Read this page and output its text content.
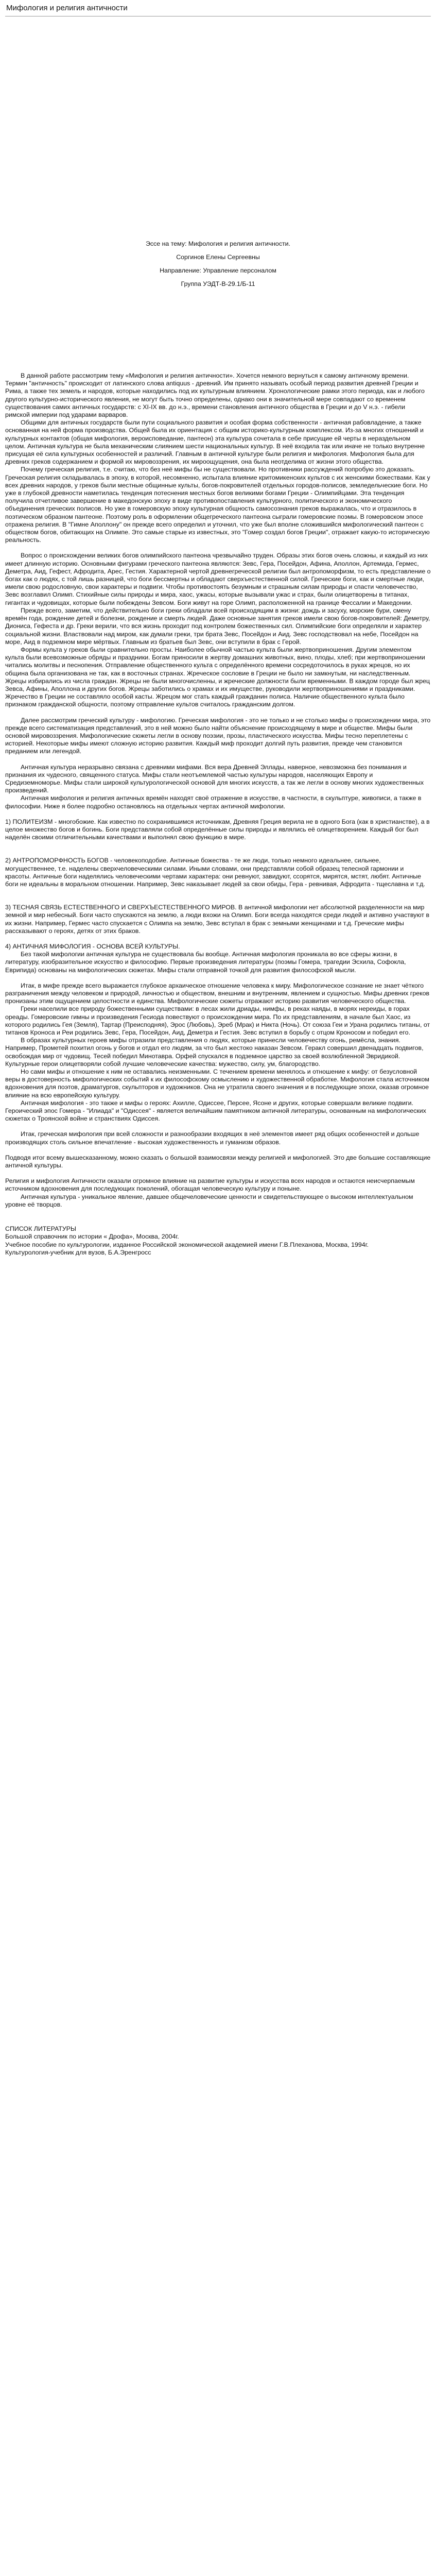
Мифология и религия античности

Эссе на тему: Мифология и религия античности.

Соргинов Елены Сергеевны

Направление: Управление персоналом

Группа УЭДТ-В-29.1/Б-11

В данной работе рассмотрим тему «Мифология и религия античности». Хочется немного вернуться к самому античному времени. Термин "античность" происходит от латинского слова antiquus - древний. Им принято называть особый период развития древней Греции и Рима, а также тех земель и народов, которые находились под их культурным влиянием. Хронологические рамки этого периода, как и любого другого культурно-исторического явления, не могут быть точно определены, однако они в значительной мере совпадают со временем существования самих античных государств: с XI-IX вв. до н.э., времени становления античного общества в Греции и до V н.э. - гибели римской империи под ударами варваров.

Общими для античных государств были пути социального развития и особая форма собственности - античная рабовладение, а также основанная на ней форма производства. Общей была их ориентация с общим историко-культурным комплексом. Из-за многих отношений и культурных контактов (общая мифология, вероисповедание, пантеон) эта культура сочетала в себе присущие ей черты в нераздельном целом. Античная культура не была механическим слиянием шести национальных культур. В неё входила так или иначе не только внутренне присущая её сила культурных особенностей и различий. Главным в античной культуре были религия и мифология. Мифология была для древних греков содержанием и формой их мировоззрения, их мироощущения, она была неотделима от жизни этого общества.

Почему греческая религия, т.е. считаю, что без неё мифы бы не существовали. Но противники рассуждений попробую это доказать. Греческая религия складывалась в эпоху, в которой, несомненно, испытала влияние критомикенских культов с их женскими божествами. Как у всех древних народов, у греков были местные общинные культы, богов-покровителей отдельных городов-полисов, земледельческие боги. Но уже в глубокой древности наметилась тенденция потеснения местных богов великими богами Греции - Олимпийцами. Эта тенденция получила отчетливое завершение в македонскую эпоху в виде противопоставления культурного, политического и экономического объединения греческих полисов. Но уже в гомеровскую эпоху культурная общность самосознания греков выражалась, что и отразилось в поэтическом образном пантеоне. Поэтому роль в оформлении общегреческого пантеона сыграли гомеровские поэмы. В гомеровском эпосе отражена религия. В "Гимне Аполлону" он прежде всего определил и уточнил, что уже был вполне сложившийся мифологический пантеон с обществом богов, обитающих на Олимпе. Это самые старые из известных, это "Гомер создал богов Греции", отражает какую-то историческую реальность.

Вопрос о происхождении великих богов олимпийского пантеона чрезвычайно труден. Образы этих богов очень сложны, и каждый из них имеет длинную историю. Основными фигурами греческого пантеона являются: Зевс, Гера, Посейдон, Афина, Аполлон, Артемида, Гермес, Деметра, Аид, Гефест, Афродита, Арес, Гестия. Характерной чертой древнегреческой религии был антропоморфизм, то есть представление о богах как о людях, с той лишь разницей, что боги бессмертны и обладают сверхъестественной силой. Греческие боги, как и смертные люди, имели свою родословную, свои характеры и подвиги. Чтобы противостоять безумным и страшным силам природы и спасти человечество, Зевс возглавил Олимп. Стихийные силы природы и мира, хаос, ужасы, которые вызывали ужас и страх, были олицетворены в титанах, гигантах и чудовищах, которые были побеждены Зевсом. Боги живут на горе Олимп, расположенной на границе Фессалии и Македонии.

Прежде всего, заметим, что действительно боги греки обладали всей происходящим в жизни: дождь и засуху, морские бури, смену времён года, рождение детей и болезни, рождение и смерть людей. Даже основные занятия греков имели свою богов-покровителей: Деметру, Диониса, Гефеста и др. Греки верили, что вся жизнь проходит под контролем божественных сил. Олимпийские боги определяли и характер социальной жизни. Властвовали над миром, как думали греки, три брата Зевс, Посейдон и Аид. Зевс господствовал на небе, Посейдон на море, Аид в подземном мире мёртвых. Главным из братьев был Зевс, они вступили в брак с Герой.

Формы культа у греков были сравнительно просты. Наиболее обычной частью культа были жертвоприношения. Другим элементом культа были всевозможные обряды и праздники. Богам приносили в жертву домашних животных, вино, плоды, хлеб; при жертвоприношении читались молитвы и песнопения. Отправление общественного культа с определённого времени сосредоточилось в руках жрецов, но их община была организована не так, как в восточных странах. Жреческое сословие в Греции не было ни замкнутым, ни наследственным. Жрецы избирались из числа граждан. Жрецы не были многочисленны, и жреческие должности были временными. В каждом городе был жрец Зевса, Афины, Аполлона и других богов. Жрецы заботились о храмах и их имуществе, руководили жертвоприношениями и праздниками. Жречество в Греции не составляло особой касты. Жрецом мог стать каждый гражданин полиса. Наличие общественного культа было признаком гражданской общности, поэтому отправление культов считалось гражданским долгом.

Далее рассмотрим греческий культуру - мифологию. Греческая мифология - это не только и не столько мифы о происхождении мира, это прежде всего систематизация представлений, это в ней можно было найти объяснение происходящему в мире и обществе. Мифы были основой мировоззрения. Мифологические сюжеты легли в основу поэзии, прозы, пластического искусства. Мифы тесно переплетены с историей. Некоторые мифы имеют сложную историю развития. Каждый миф проходит долгий путь развития, прежде чем становится преданием или легендой.

Античная культура неразрывно связана с древними мифами. Вся вера Древней Эллады, наверное, невозможна без понимания и признания их чудесного, священного статуса. Мифы стали неотъемлемой частью культуры народов, населяющих Европу и Средиземноморье. Мифы стали широкой культурологической основой для многих искусств, а так же легли в основу многих художественных произведений.

Античная мифология и религия античных времён находят своё отражение в искусстве, в частности, в скульптуре, живописи, а также в философии. Ниже я более подробно остановлюсь на отдельных чертах античной мифологии.

1) ПОЛИТЕИЗМ - многобожие. Как известно по сохранившимся источникам, Древняя Греция верила не в одного Бога (как в христианстве), а в целое множество богов и богинь. Боги представляли собой определённые силы природы и являлись её олицетворением. Каждый бог был наделён своими отличительными качествами и выполнял свою функцию в мире.

2) АНТРОПОМОРФНОСТЬ БОГОВ - человекоподобие. Античные божества - те же люди, только немного идеальнее, сильнее, могущественнее, т.е. наделены сверхчеловеческими силами. Иными словами, они представляли собой образец телесной гармонии и красоты. Античные боги наделялись человеческими чертами характера: они ревнуют, завидуют, ссорятся, мирятся, мстят, любят. Античные боги не идеальны в моральном отношении. Например, Зевс наказывает людей за свои обиды, Гера - ревнивая, Афродита - тщеславна и т.д.

3) ТЕСНАЯ СВЯЗЬ ЕСТЕСТВЕННОГО И СВЕРХЪЕСТЕСТВЕННОГО МИРОВ. В античной мифологии нет абсолютной разделенности на мир земной и мир небесный. Боги часто спускаются на землю, а люди вхожи на Олимп. Боги всегда находятся среди людей и активно участвуют в их жизни. Например, Гермес часто спускается с Олимпа на землю, Зевс вступал в брак с земными женщинами и т.д. Греческие мифы рассказывают о героях, детях от этих браков.

4) АНТИЧНАЯ МИФОЛОГИЯ - ОСНОВА ВСЕЙ КУЛЬТУРЫ.

Без такой мифологии античная культура не существовала бы вообще. Античная мифология проникала во все сферы жизни, в литературу, изобразительное искусство и философию. Первые произведения литературы (поэмы Гомера, трагедии Эсхила, Софокла, Еврипида) основаны на мифологических сюжетах. Мифы стали отправной точкой для развития философской мысли.

Итак, в мифе прежде всего выражается глубокое архаическое отношение человека к миру. Мифологическое сознание не знает чёткого разграничения между человеком и природой, личностью и обществом, внешним и внутренним, явлением и сущностью. Мифы древних греков пронизаны этим ощущением целостности и единства. Мифологические сюжеты отражают историю развития человеческого общества.

Греки населили все природу божественными существами: в лесах жили дриады, нимфы, в реках наяды, в морях нереиды, в горах ореады. Гомеровские гимны и произведения Гесиода повествуют о происхождении мира. По их представлениям, в начале был Хаос, из которого родились Гея (Земля), Тартар (Преисподняя), Эрос (Любовь), Эреб (Мрак) и Никта (Ночь). От союза Геи и Урана родились титаны, от титанов Кроноса и Реи родились Зевс, Гера, Посейдон, Аид, Деметра и Гестия. Зевс вступил в борьбу с отцом Кроносом и победил его.

В образах культурных героев мифы отразили представления о людях, которые принесли человечеству огонь, ремёсла, знания. Например, Прометей похитил огонь у богов и отдал его людям, за что был жестоко наказан Зевсом. Геракл совершил двенадцать подвигов, освобождая мир от чудовищ. Тесей победил Минотавра. Орфей спускался в подземное царство за своей возлюбленной Эвридикой. Культурные герои олицетворяли собой лучшие человеческие качества: мужество, силу, ум, благородство.

Но сами мифы и отношение к ним не оставались неизменными. С течением времени менялось и отношение к мифу: от безусловной веры в достоверность мифологических событий к их философскому осмыслению и художественной обработке. Мифология стала источником вдохновения для поэтов, драматургов, скульпторов и художников. Она не утратила своего значения и в последующие эпохи, оказав огромное влияние на всю европейскую культуру.

Античная мифология - это также и мифы о героях: Ахилле, Одиссее, Персее, Ясоне и других, которые совершали великие подвиги. Героический эпос Гомера - "Илиада" и "Одиссея" - является величайшим памятником античной литературы, основанным на мифологических сюжетах о Троянской войне и странствиях Одиссея.

Итак, греческая мифология при всей сложности и разнообразии входящих в неё элементов имеет ряд общих особенностей и дольше производящих столь сильное впечатление - высокая художественность и гуманизм образов.

Подводя итог всему вышесказанному, можно сказать о большой взаимосвязи между религией и мифологией. Это две большие составляющие античной культуры.

Религия и мифология Античности оказали огромное влияние на развитие культуры и искусства всех народов и остаются неисчерпаемым источником вдохновения для последующих поколений, обогащая человеческую культуру и поныне.

Античная культура - уникальное явление, давшее общечеловеческие ценности и свидетельствующее о высоком интеллектуальном уровне её творцов.

СПИСОК ЛИТЕРАТУРЫ

Большой справочник по истории « Дрофа», Москва, 2004г.

Учебное пособие по культурологии, изданное Российской экономической академией имени Г.В.Плеханова, Москва, 1994г.

Культурология-учебник для вузов, Б.А.Эренгросс
